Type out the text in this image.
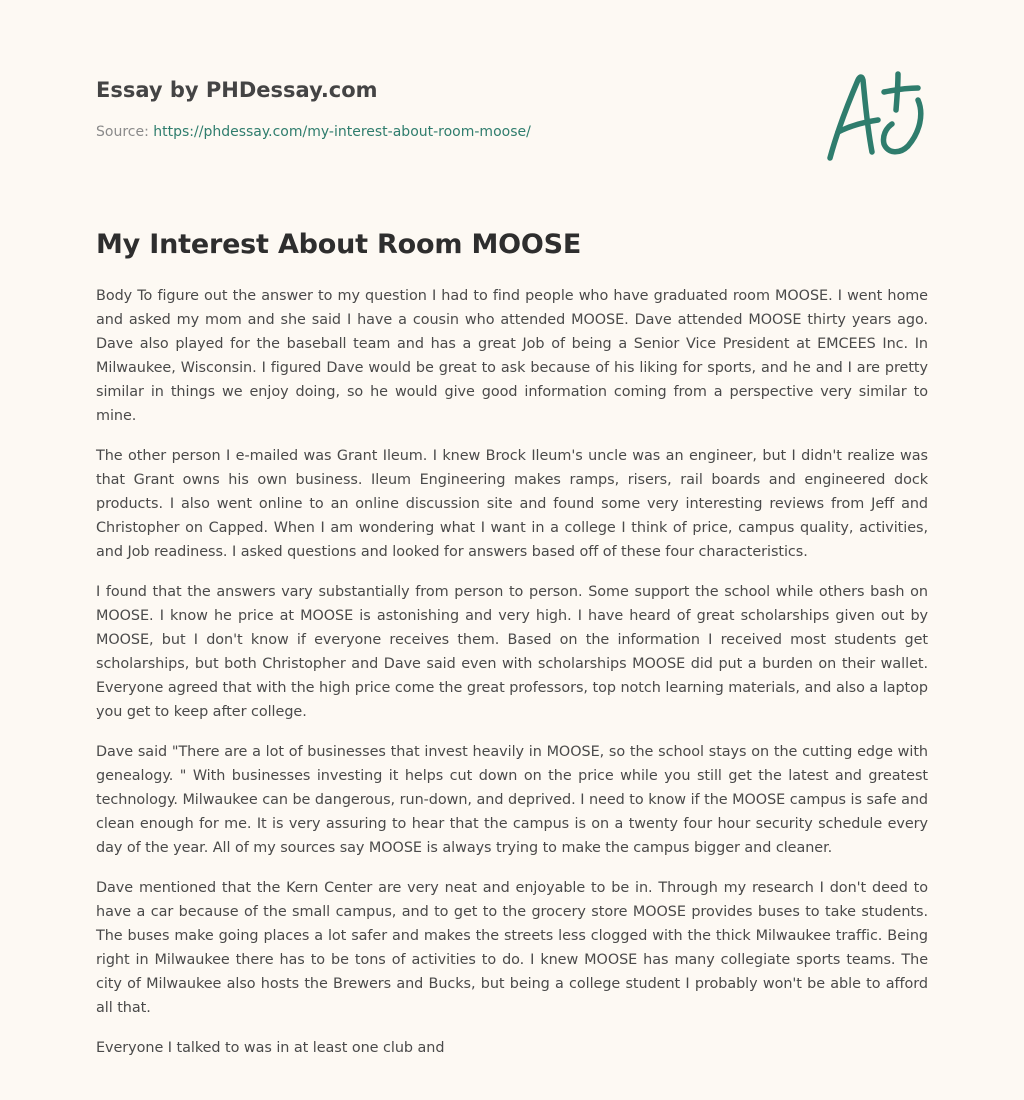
Essay by PHDessay.com
Source: https://phdessay.com/my-interest-about-room-moose/
My Interest About Room MOOSE

Body To figure out the answer to my question I had to find people who have graduated room MOOSE. I went home and asked my mom and she said I have a cousin who attended MOOSE. Dave attended MOOSE thirty years ago. Dave also played for the baseball team and has a great Job of being a Senior Vice President at EMCEES Inc. In Milwaukee, Wisconsin. I figured Dave would be great to ask because of his liking for sports, and he and I are pretty similar in things we enjoy doing, so he would give good information coming from a perspective very similar to mine.

The other person I e-mailed was Grant Ileum. I knew Brock Ileum's uncle was an engineer, but I didn't realize was that Grant owns his own business. Ileum Engineering makes ramps, risers, rail boards and engineered dock products. I also went online to an online discussion site and found some very interesting reviews from Jeff and Christopher on Capped. When I am wondering what I want in a college I think of price, campus quality, activities, and Job readiness. I asked questions and looked for answers based off of these four characteristics.

I found that the answers vary substantially from person to person. Some support the school while others bash on MOOSE. I know he price at MOOSE is astonishing and very high. I have heard of great scholarships given out by MOOSE, but I don't know if everyone receives them. Based on the information I received most students get scholarships, but both Christopher and Dave said even with scholarships MOOSE did put a burden on their wallet. Everyone agreed that with the high price come the great professors, top notch learning materials, and also a laptop you get to keep after college.

Dave said "There are a lot of businesses that invest heavily in MOOSE, so the school stays on the cutting edge with genealogy. " With businesses investing it helps cut down on the price while you still get the latest and greatest technology. Milwaukee can be dangerous, run-down, and deprived. I need to know if the MOOSE campus is safe and clean enough for me. It is very assuring to hear that the campus is on a twenty four hour security schedule every day of the year. All of my sources say MOOSE is always trying to make the campus bigger and cleaner.

Dave mentioned that the Kern Center are very neat and enjoyable to be in. Through my research I don't deed to have a car because of the small campus, and to get to the grocery store MOOSE provides buses to take students. The buses make going places a lot safer and makes the streets less clogged with the thick Milwaukee traffic. Being right in Milwaukee there has to be tons of activities to do. I knew MOOSE has many collegiate sports teams. The city of Milwaukee also hosts the Brewers and Bucks, but being a college student I probably won't be able to afford all that.

Everyone I talked to was in at least one club and
